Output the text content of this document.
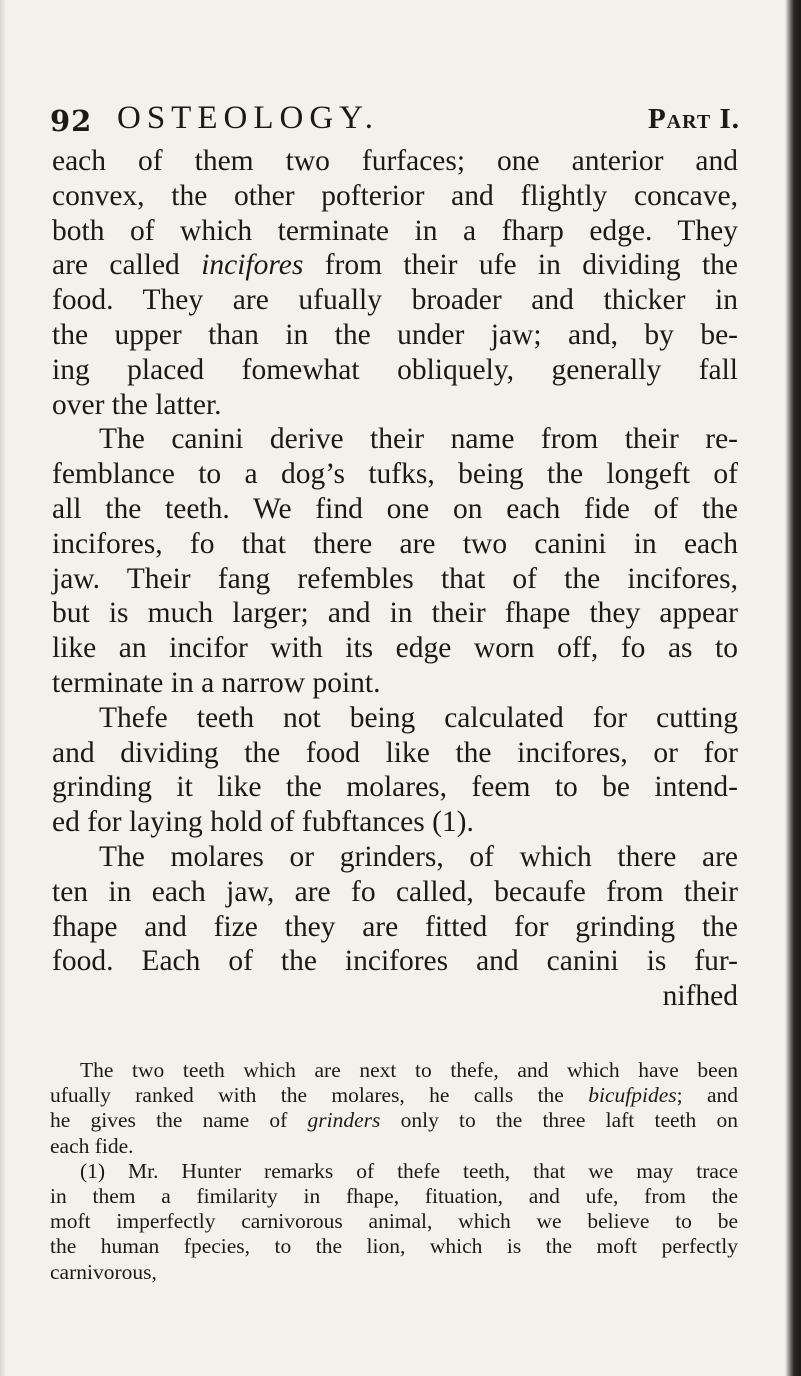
92 OSTEOLOGY.	Part I.
each of them two furfaces; one anterior and
convex, the other pofterior and flightly concave,
both of which terminate in a fharp edge. They
are called incifores from their ufe in dividing the
food. They are ufually broader and thicker in
the upper than in the under jaw; and, by be-
ing placed fomewhat obliquely, generally fall
over the latter.
The canini derive their name from their re-
femblance to a dog’s tufks, being the longeft of
all the teeth. We find one on each fide of the
incifores, fo that there are two canini in each
jaw. Their fang refembles that of the incifores,
but is much larger; and in their fhape they appear
like an incifor with its edge worn off, fo as to
terminate in a narrow point.
Thefe teeth not being calculated for cutting
and dividing the food like the incifores, or for
grinding it like the molares, feem to be intend-
ed for laying hold of fubftances (1).
The molares or grinders, of which there are
ten in each jaw, are fo called, becaufe from their
fhape and fize they are fitted for grinding the
food. Each of the incifores and canini is fur-
nifhed
The two teeth which are next to thefe, and which have been
ufually ranked with the molares, he calls the bicufpides; and
he gives the name of grinders only to the three laft teeth on
each fide.
(1) Mr. Hunter remarks of thefe teeth, that we may trace
in them a fimilarity in fhape, fituation, and ufe, from the
moft imperfectly carnivorous animal, which we believe to be
the human fpecies, to the lion, which is the moft perfectly
carnivorous,
